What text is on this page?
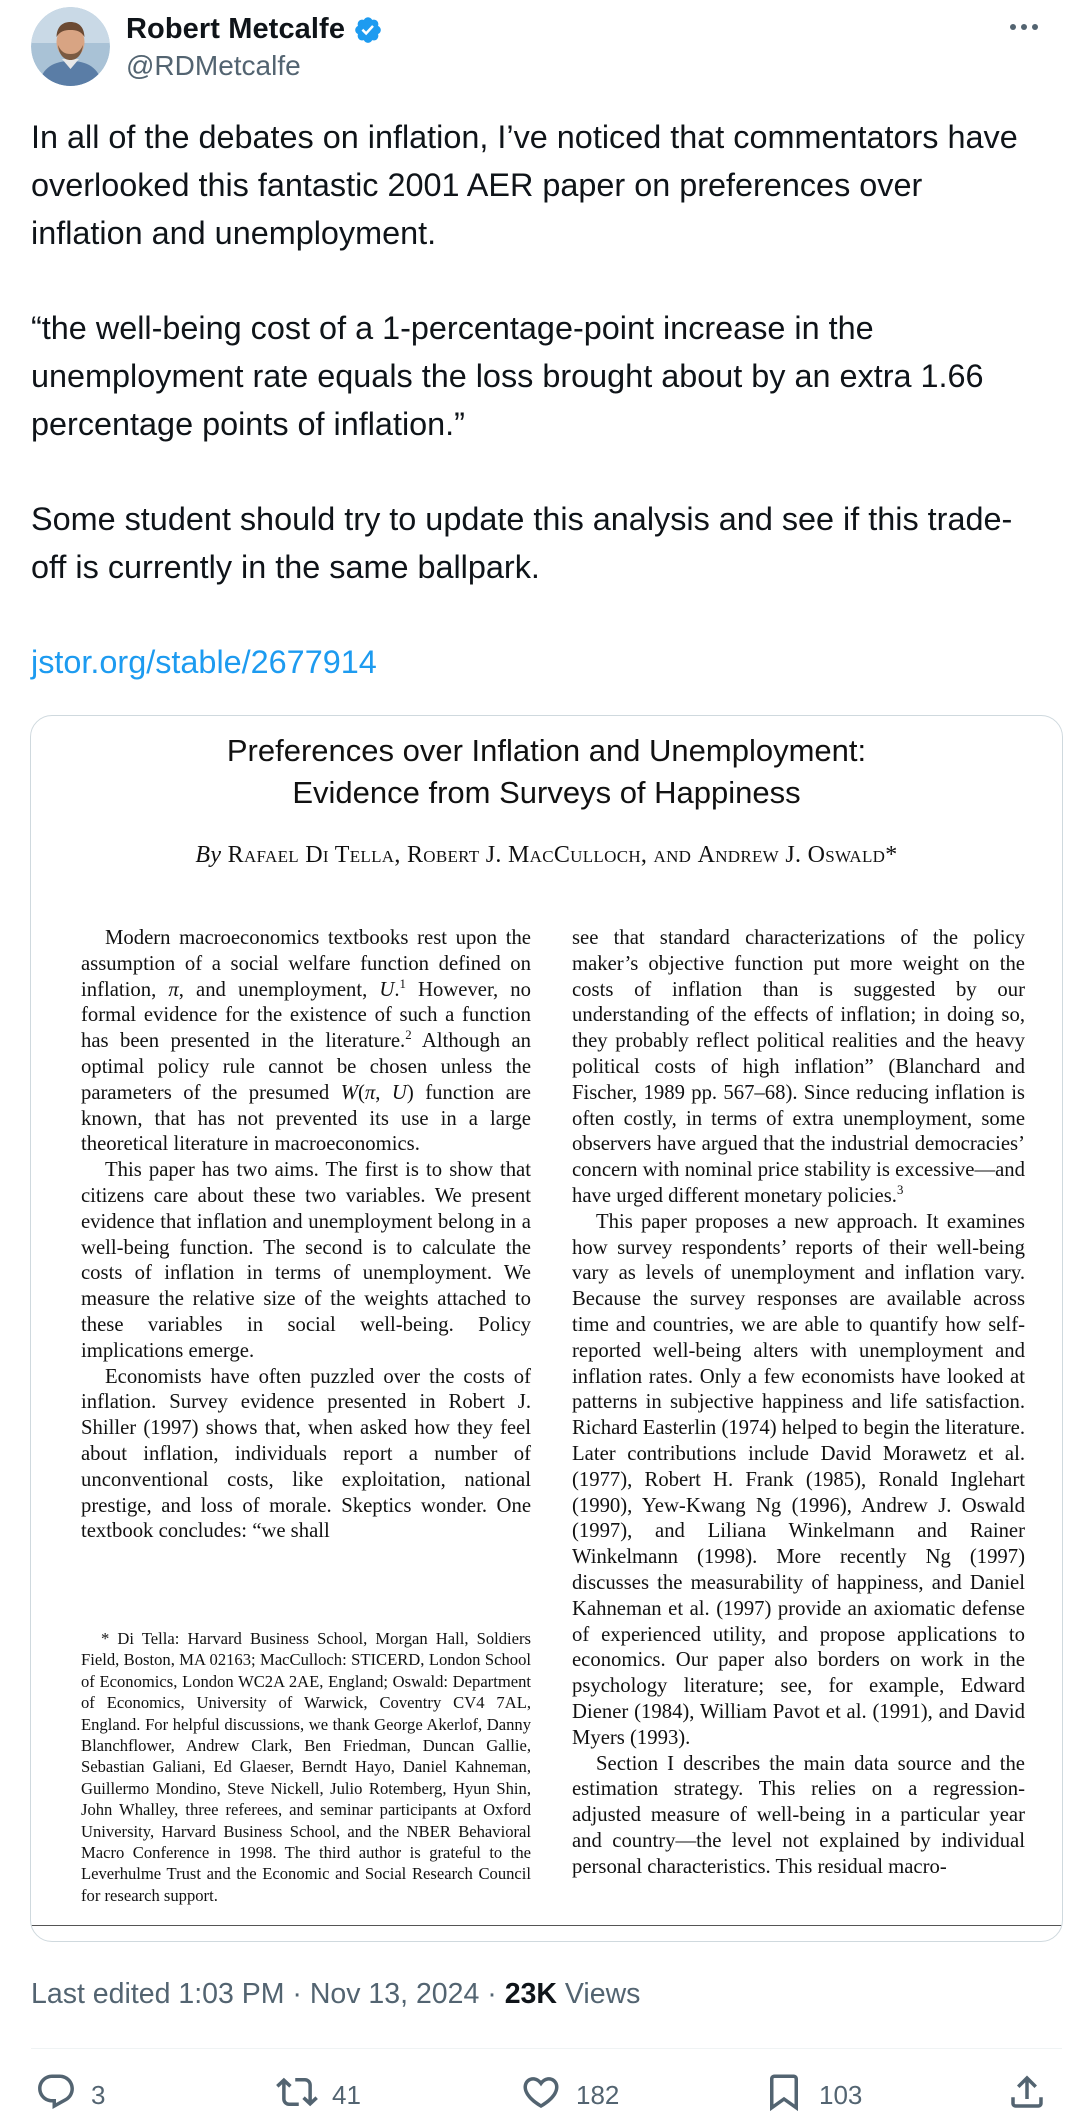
Robert Metcalfe
@RDMetcalfe

In all of the debates on inflation, I’ve noticed that commentators have overlooked this fantastic 2001 AER paper on preferences over inflation and unemployment.

“the well-being cost of a 1-percentage-point increase in the unemployment rate equals the loss brought about by an extra 1.66 percentage points of inflation.”

Some student should try to update this analysis and see if this trade-off is currently in the same ballpark.

jstor.org/stable/2677914

Preferences over Inflation and Unemployment:
Evidence from Surveys of Happiness
By Rafael Di Tella, Robert J. MacCulloch, and Andrew J. Oswald*

Modern macroeconomics textbooks rest upon the assumption of a social welfare function defined on inflation, π, and unemployment, U.$^1$ However, no formal evidence for the existence of such a function has been presented in the literature.$^2$ Although an optimal policy rule cannot be chosen unless the parameters of the presumed W(π, U) function are known, that has not prevented its use in a large theoretical literature in macroeconomics.

This paper has two aims. The first is to show that citizens care about these two variables. We present evidence that inflation and unemployment belong in a well-being function. The second is to calculate the costs of inflation in terms of unemployment. We measure the relative size of the weights attached to these variables in social well-being. Policy implications emerge.

Economists have often puzzled over the costs of inflation. Survey evidence presented in Robert J. Shiller (1997) shows that, when asked how they feel about inflation, individuals report a number of unconventional costs, like exploitation, national prestige, and loss of morale. Skeptics wonder. One textbook concludes: “we shall

* Di Tella: Harvard Business School, Morgan Hall, Soldiers Field, Boston, MA 02163; MacCulloch: STICERD, London School of Economics, London WC2A 2AE, England; Oswald: Department of Economics, University of Warwick, Coventry CV4 7AL, England. For helpful discussions, we thank George Akerlof, Danny Blanchflower, Andrew Clark, Ben Friedman, Duncan Gallie, Sebastian Galiani, Ed Glaeser, Berndt Hayo, Daniel Kahneman, Guillermo Mondino, Steve Nickell, Julio Rotemberg, Hyun Shin, John Whalley, three referees, and seminar participants at Oxford University, Harvard Business School, and the NBER Behavioral Macro Conference in 1998. The third author is grateful to the Leverhulme Trust and the Economic and Social Research Council for research support.

see that standard characterizations of the policy maker’s objective function put more weight on the costs of inflation than is suggested by our understanding of the effects of inflation; in doing so, they probably reflect political realities and the heavy political costs of high inflation” (Blanchard and Fischer, 1989 pp. 567–68). Since reducing inflation is often costly, in terms of extra unemployment, some observers have argued that the industrial democracies’ concern with nominal price stability is excessive—and have urged different monetary policies.$^3$

This paper proposes a new approach. It examines how survey respondents’ reports of their well-being vary as levels of unemployment and inflation vary. Because the survey responses are available across time and countries, we are able to quantify how self-reported well-being alters with unemployment and inflation rates. Only a few economists have looked at patterns in subjective happiness and life satisfaction. Richard Easterlin (1974) helped to begin the literature. Later contributions include David Morawetz et al. (1977), Robert H. Frank (1985), Ronald Inglehart (1990), Yew-Kwang Ng (1996), Andrew J. Oswald (1997), and Liliana Winkelmann and Rainer Winkelmann (1998). More recently Ng (1997) discusses the measurability of happiness, and Daniel Kahneman et al. (1997) provide an axiomatic defense of experienced utility, and propose applications to economics. Our paper also borders on work in the psychology literature; see, for example, Edward Diener (1984), William Pavot et al. (1991), and David Myers (1993).

Section I describes the main data source and the estimation strategy. This relies on a regression-adjusted measure of well-being in a particular year and country—the level not explained by individual personal characteristics. This residual macro-

Last edited 1:03 PM · Nov 13, 2024 · 23K Views
3	41	182	103
